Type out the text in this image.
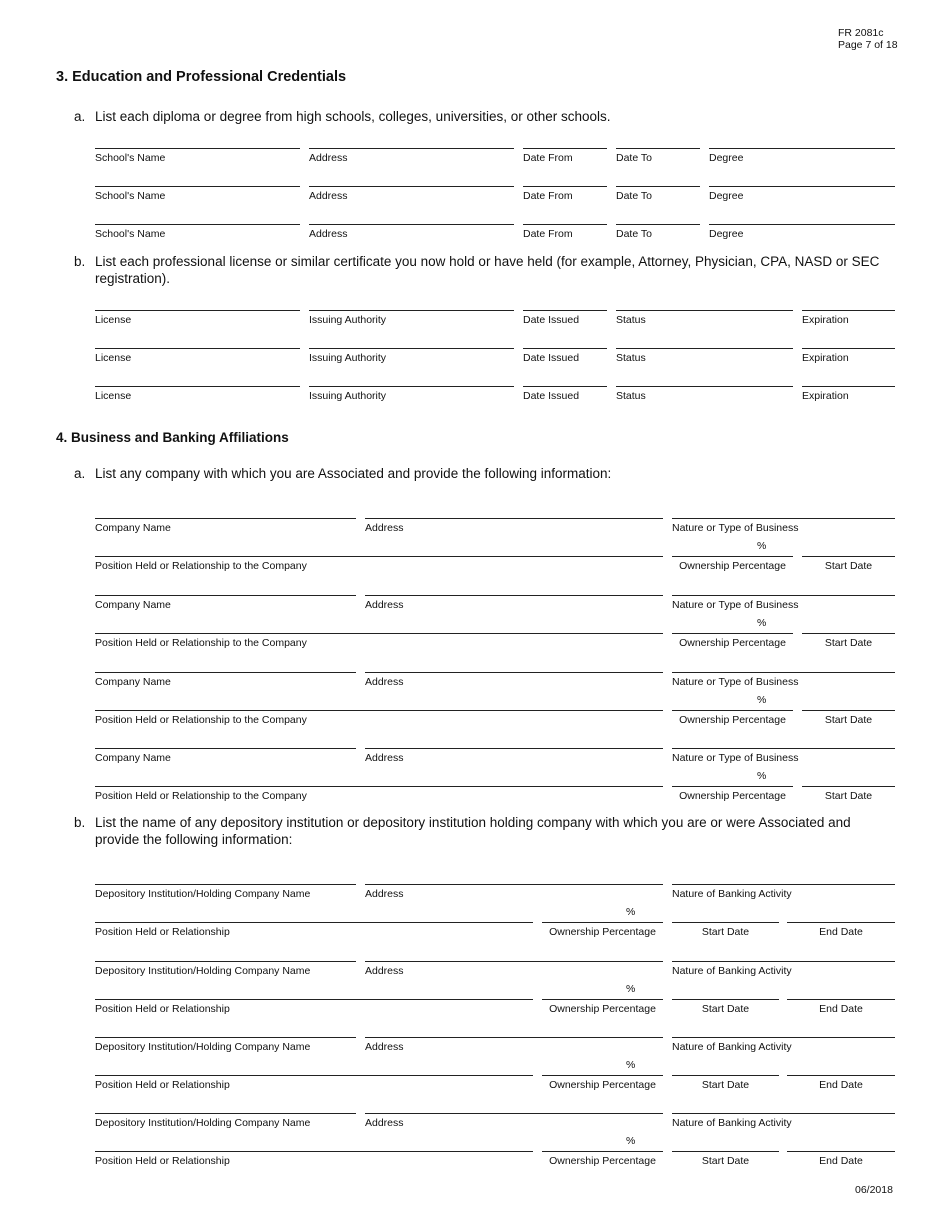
FR 2081c
Page 7 of 18
3. Education and Professional Credentials
a. List each diploma or degree from high schools, colleges, universities, or other schools.
School's Name	Address	Date From	Date To	Degree
School's Name	Address	Date From	Date To	Degree
School's Name	Address	Date From	Date To	Degree
b. List each professional license or similar certificate you now hold or have held (for example, Attorney, Physician, CPA, NASD or SEC registration).
License	Issuing Authority	Date Issued	Status	Expiration
License	Issuing Authority	Date Issued	Status	Expiration
License	Issuing Authority	Date Issued	Status	Expiration
4. Business and Banking Affiliations
a. List any company with which you are Associated and provide the following information:
Company Name	Address	Nature or Type of Business
Position Held or Relationship to the Company	Ownership Percentage	Start Date
%
Company Name	Address	Nature or Type of Business
Position Held or Relationship to the Company	Ownership Percentage	Start Date
%
Company Name	Address	Nature or Type of Business
Position Held or Relationship to the Company	Ownership Percentage	Start Date
%
Company Name	Address	Nature or Type of Business
Position Held or Relationship to the Company	Ownership Percentage	Start Date
%
b. List the name of any depository institution or depository institution holding company with which you are or were Associated and provide the following information:
Depository Institution/Holding Company Name	Address	Nature of Banking Activity
Position Held or Relationship	Ownership Percentage	Start Date	End Date
%
Depository Institution/Holding Company Name	Address	Nature of Banking Activity
Position Held or Relationship	Ownership Percentage	Start Date	End Date
%
Depository Institution/Holding Company Name	Address	Nature of Banking Activity
Position Held or Relationship	Ownership Percentage	Start Date	End Date
%
Depository Institution/Holding Company Name	Address	Nature of Banking Activity
Position Held or Relationship	Ownership Percentage	Start Date	End Date
%
06/2018
